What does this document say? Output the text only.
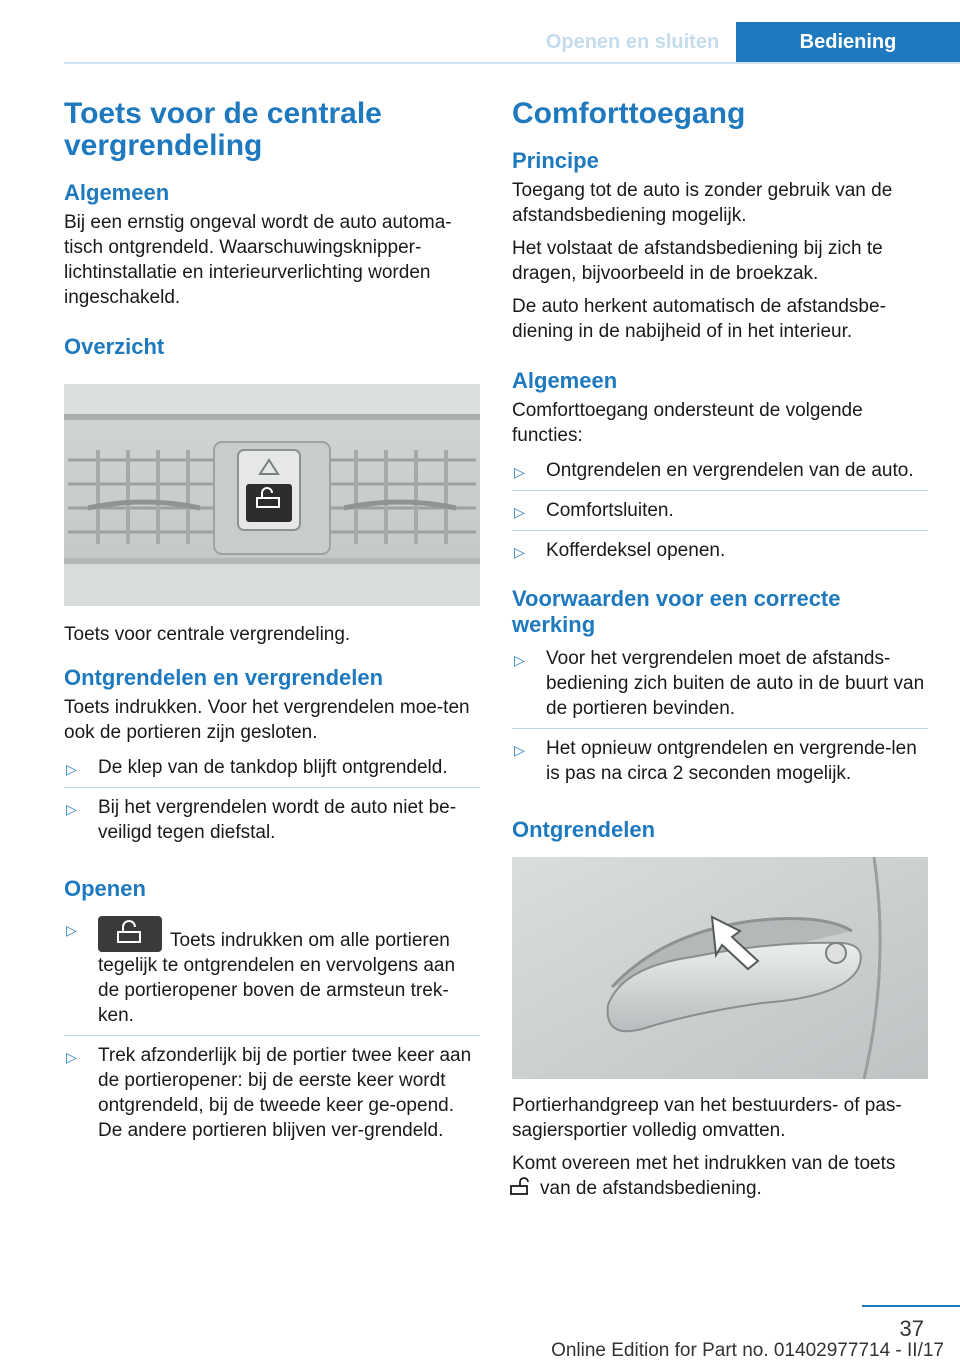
Openen en sluiten	Bediening
Toets voor de centrale vergrendeling
Algemeen

Bij een ernstig ongeval wordt de auto automa‐tisch ontgrendeld. Waarschuwingsknipper‐lichtinstallatie en interieurverlichting worden ingeschakeld.

Overzicht

Toets voor centrale vergrendeling.

Ontgrendelen en vergrendelen

Toets indrukken. Voor het vergrendelen moe‐ten ook de portieren zijn gesloten.

▷ De klep van de tankdop blijft ontgrendeld.
▷ Bij het vergrendelen wordt de auto niet be‐veiligd tegen diefstal.
Openen
▷	Toets indrukken om alle portieren tegelijk te ontgrendelen en vervolgens aan de portieropener boven de armsteun trek‐ken.
▷ Trek afzonderlijk bij de portier twee keer aan de portieropener: bij de eerste keer wordt ontgrendeld, bij de tweede keer ge‐opend. De andere portieren blijven ver‐grendeld.
Comforttoegang
Principe

Toegang tot de auto is zonder gebruik van de afstandsbediening mogelijk.

Het volstaat de afstandsbediening bij zich te dragen, bijvoorbeeld in de broekzak.

De auto herkent automatisch de afstandsbe‐diening in de nabijheid of in het interieur.

Algemeen

Comforttoegang ondersteunt de volgende functies:

▷ Ontgrendelen en vergrendelen van de auto.
▷ Comfortsluiten.
▷ Kofferdeksel openen.
Voorwaarden voor een correcte werking
▷ Voor het vergrendelen moet de afstands‐bediening zich buiten de auto in de buurt van de portieren bevinden.
▷ Het opnieuw ontgrendelen en vergrende‐len is pas na circa 2 seconden mogelijk.
Ontgrendelen

Portierhandgreep van het bestuurders- of pas‐sagiersportier volledig omvatten.

Komt overeen met het indrukken van de toets
van de afstandsbediening.

37
Online Edition for Part no. 01402977714 - II/17
